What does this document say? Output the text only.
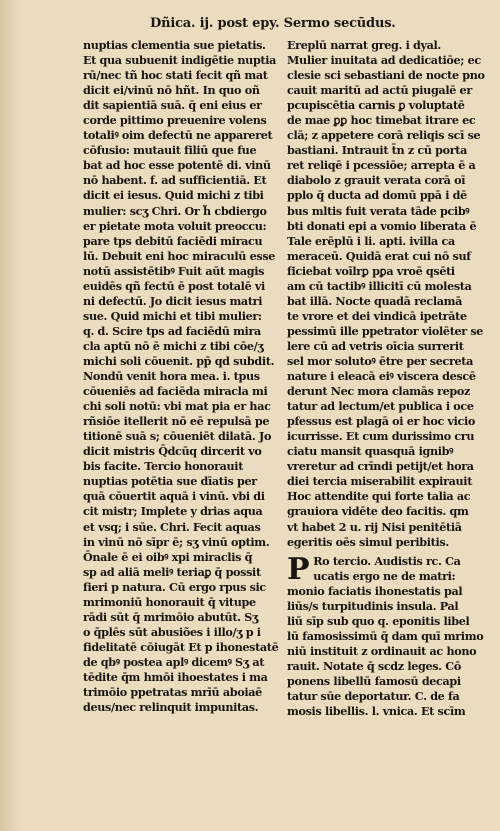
Dñica. ij. post epy. Sermo secūdus.
nuptias clementia sue pietatis.
Et qua subuenit indigētie nuptia
rū/nec tñ hoc stati fecit qñ mat
dicit ei/vinū nō hñt. In quo oñ
dit sapientiā suā. q̄ eni eius er
corde pittimo preuenire volens
totaliꝰ oim defectū ne appareret
cōfusio: mutauit filiū que fue
bat ad hoc esse potentē di. vinū
nō habent. f. ad sufficientiā. Et
dicit ei iesus. Quid michi z tibi
mulier: scʒ Chri. Or h̃ cbdiergo
er pietate mota voluit preoccu:
pare tps debitū faciēdi miracu
lū. Debuit eni hoc miraculū esse
notū assistētibꝰ Fuit aūt magis
euidēs qñ fectū ē post totalē vi
ni defectū. Jo dicit iesus matri
sue. Quid michi et tibi mulier:
q. d. Scire tps ad faciēdū mira
cla aptū nō ē michi z tibi cōe/ʒ
michi soli cōuenit. pp̄ qd subdit.
Nondū venit hora mea. i. tpus
cōueniēs ad faciēda miracla mi
chi soli notū: vbi mat pia er hac
rñsiōe itellerit nō eē repulsā pe
titionē suā s; cōueniēt dilatā. Jo
dicit mistris Q̄dcūq dircerit vo
bis facite. Tercio honorauit
nuptias potētia sue dīatis per
quā cōuertit aquā i vinū. vbi di
cit mistr; Implete y drias aqua
et vsq; i sūe. Chri. Fecit aquas
in vinū nō sīpr ē; sʒ vinū optim.
Ōnale ē ei oibꝰ xpi miraclis q̄
sp ad aliā meliꝰ teriaꝑ q̄ possit
fieri p natura. Cū ergo rpus sic
mrimoniū honorauit q̄ vitupe
rādi sūt q̄ mrimōio abutūt. Sʒ
o q̄plēs sūt abusiões i illo/ʒ p i
fidelitatē cōiugāt Et p ihonestatē
de qbꝰ postea aplꝰ dicemꝰ Sʒ at
tēdite q̄m hmōi ihoestates i ma
trimōio ppetratas mrīū aboiaē
deus/nec relinquit impunitas.
Ereplū narrat greg. i dyal.
Mulier inuitata ad dedicatiōe; ec
clesie sci sebastiani de nocte pno
cauit maritū ad actū piugalē er
pcupiscētia carnis ꝑ voluptatē
de mae ꝑꝑ hoc timebat itrare ec
clā; z appetere corā reliqis scī se
bastiani. Intrauit t̄n z cū porta
ret reliqē i pcessiōe; arrepta ē a
diabolo z grauit verata corā oī
pplo q̄ ducta ad domū ppā i dē
bus mltis fuit verata tāde pcibꝰ
bti donati epi a vomio liberata ē
Tale erēplū i li. apti. ivilla ca
meraceū. Quidā erat cui nō suf
ficiebat voīlrꝑ pꝑa vroē qsēti
am cū tactibꝰ illicitī cū molesta
bat illā. Nocte quadā reclamā
te vrore et dei vindicā ipetrāte
pessimū ille ppetrator violēter se
lere cū ad vetris oīcia surrerit
sel mor solutoꝰ ētre per secreta
nature i eleacā eiꝰ viscera descē
derunt Nec mora clamās repoz
tatur ad lectum/et publica i oce
pfessus est plagā oi er hoc vicio
icurrisse. Et cum durissimo cru
ciatu mansit quasquā ignibꝰ
vreretur ad crīndi petijt/et hora
diei tercia miserabilit expirauit
Hoc attendite qui forte talia ac
grauiora vidēte deo facitis. qm
vt habet 2 u. rij Nisi penitētiā
egeritis oēs simul peribitis.
P Ro tercio. Audistis rc. Ca
ucatis ergo ne de matri:
monio faciatis ihonestatis pal
liūs/s turpitudinis insula. Pal
liū sīp sub quo q. eponitis libel
lū famosissimū q̄ dam quī mrimo
niū instituit z ordinauit ac hono
rauit. Notate q̄ scdz leges. Cō
ponens libellū famosū decapi
tatur sūe deportatur. C. de fa
mosis libellis. l. vnica. Et scīm
